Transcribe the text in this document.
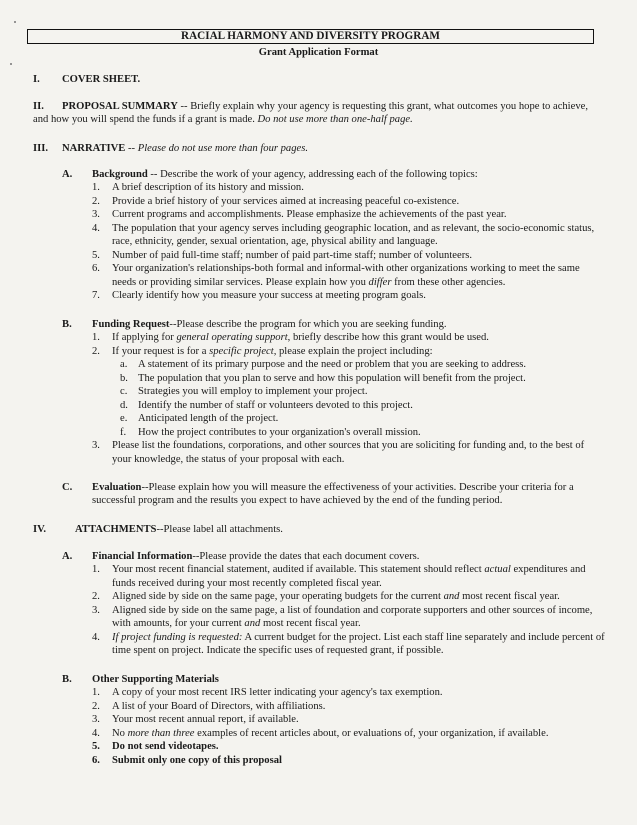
RACIAL HARMONY AND DIVERSITY PROGRAM
Grant Application Format
I. COVER SHEET.
II.	PROPOSAL SUMMARY -- Briefly explain why your agency is requesting this grant, what outcomes you hope to achieve, and how you will spend the funds if a grant is made. Do not use more than one-half page.
III. NARRATIVE -- Please do not use more than four pages.
A. Background -- Describe the work of your agency, addressing each of the following topics:
1. A brief description of its history and mission.
2. Provide a brief history of your services aimed at increasing peaceful co-existence.
3. Current programs and accomplishments. Please emphasize the achievements of the past year.
4. The population that your agency serves including geographic location, and as relevant, the socio-economic status, race, ethnicity, gender, sexual orientation, age, physical ability and language.
5. Number of paid full-time staff; number of paid part-time staff; number of volunteers.
6. Your organization's relationships-both formal and informal-with other organizations working to meet the same needs or providing similar services. Please explain how you differ from these other agencies.
7. Clearly identify how you measure your success at meeting program goals.
B. Funding Request--Please describe the program for which you are seeking funding.
1. If applying for general operating support, briefly describe how this grant would be used.
2. If your request is for a specific project, please explain the project including:
a. A statement of its primary purpose and the need or problem that you are seeking to address.
b. The population that you plan to serve and how this population will benefit from the project.
c. Strategies you will employ to implement your project.
d. Identify the number of staff or volunteers devoted to this project.
e. Anticipated length of the project.
f. How the project contributes to your organization's overall mission.
3. Please list the foundations, corporations, and other sources that you are soliciting for funding and, to the best of your knowledge, the status of your proposal with each.
C. Evaluation--Please explain how you will measure the effectiveness of your activities. Describe your criteria for a successful program and the results you expect to have achieved by the end of the funding period.
IV.	ATTACHMENTS--Please label all attachments.
A. Financial Information--Please provide the dates that each document covers.
1. Your most recent financial statement, audited if available. This statement should reflect actual expenditures and funds received during your most recently completed fiscal year.
2. Aligned side by side on the same page, your operating budgets for the current and most recent fiscal year.
3. Aligned side by side on the same page, a list of foundation and corporate supporters and other sources of income, with amounts, for your current and most recent fiscal year.
4. If project funding is requested: A current budget for the project. List each staff line separately and include percent of time spent on project. Indicate the specific uses of requested grant, if possible.
B. Other Supporting Materials
1. A copy of your most recent IRS letter indicating your agency's tax exemption.
2. A list of your Board of Directors, with affiliations.
3. Your most recent annual report, if available.
4. No more than three examples of recent articles about, or evaluations of, your organization, if available.
5. Do not send videotapes.
6. Submit only one copy of this proposal
